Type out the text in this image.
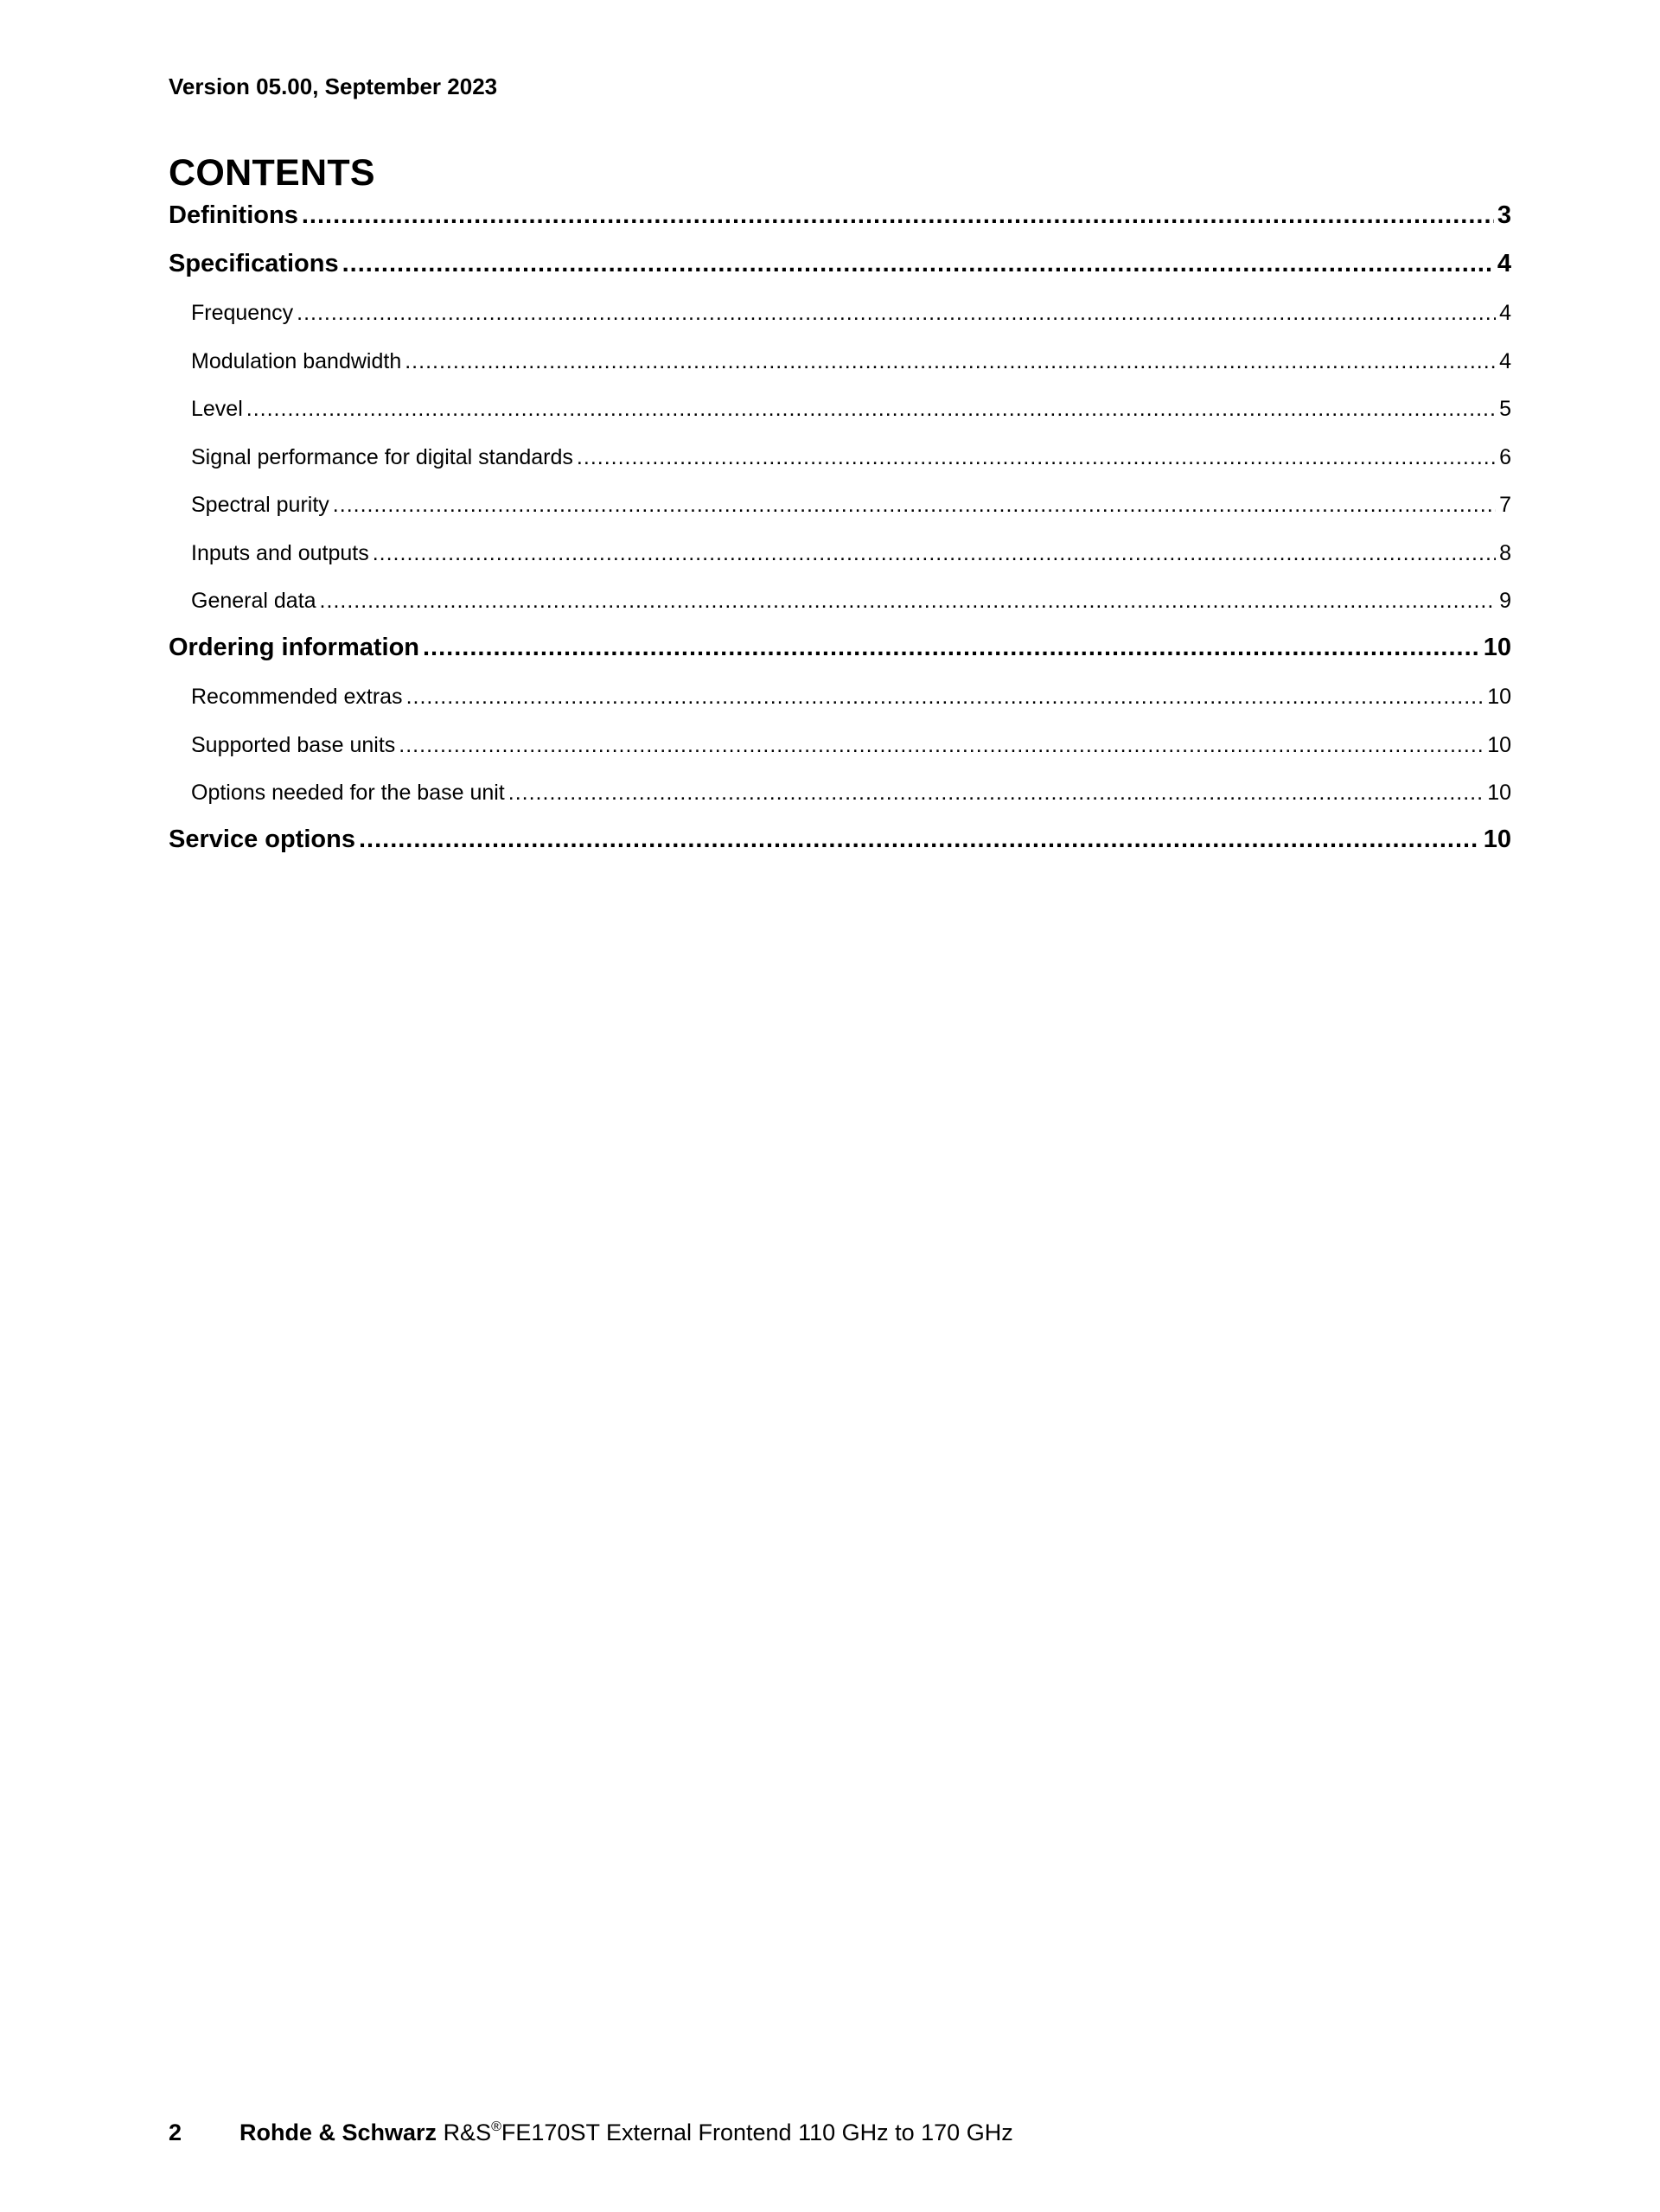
Version 05.00, September 2023
CONTENTS
Definitions .....	3
Specifications .....	4
Frequency .....	4
Modulation bandwidth .....	4
Level .....	5
Signal performance for digital standards .....	6
Spectral purity .....	7
Inputs and outputs .....	8
General data .....	9
Ordering information .....	10
Recommended extras .....	10
Supported base units .....	10
Options needed for the base unit .....	10
Service options .....	10
2 Rohde & Schwarz R&S®FE170ST External Frontend 110 GHz to 170 GHz
